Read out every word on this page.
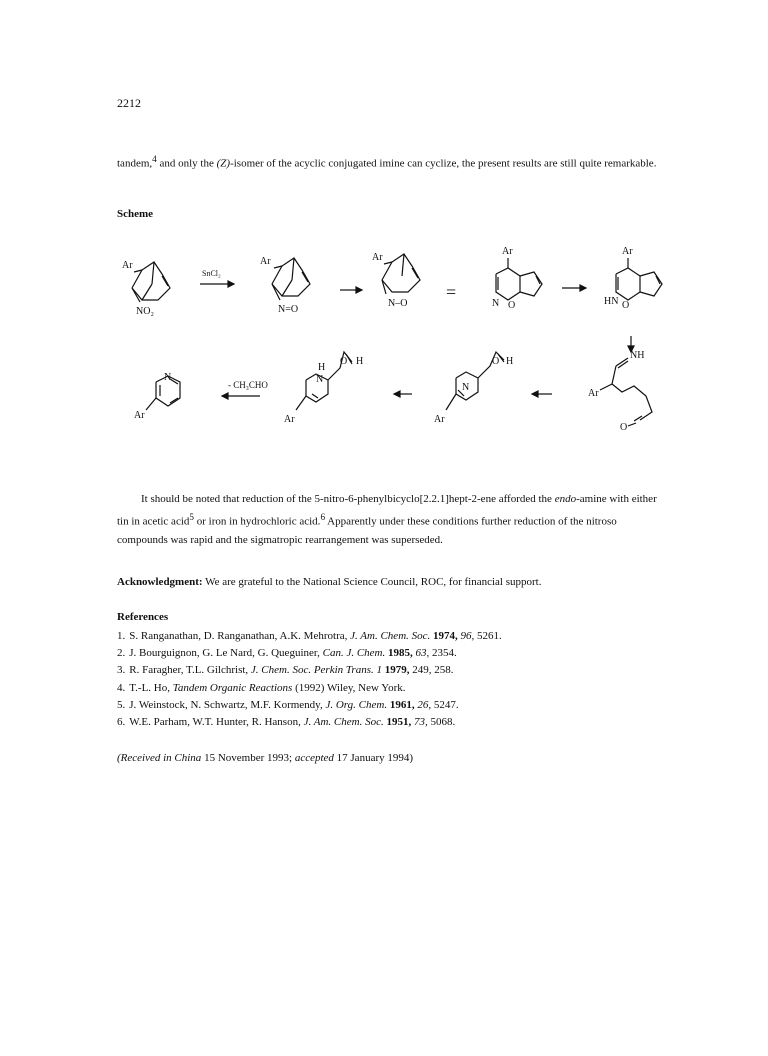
2212

tandem,$^4$ and only the (Z)-isomer of the acyclic conjugated imine can cyclize, the present results are still quite remarkable.

Scheme

Ar
NO₂
SnCl₂
Ar
N=O
Ar
N–O
=
Ar
N O
Ar
HN O
NH
Ar
O
O H
N
Ar
O H
H
N
Ar
- CH₃CHO
N
Ar

It should be noted that reduction of the 5-nitro-6-phenylbicyclo[2.2.1]hept-2-ene afforded the endo-amine with either tin in acetic acid$^5$ or iron in hydrochloric acid.$^6$ Apparently under these conditions further reduction of the nitroso compounds was rapid and the sigmatropic rearrangement was superseded.

Acknowledgment: We are grateful to the National Science Council, ROC, for financial support.

References

1. S. Ranganathan, D. Ranganathan, A.K. Mehrotra, J. Am. Chem. Soc. 1974, 96, 5261.
2. J. Bourguignon, G. Le Nard, G. Queguiner, Can. J. Chem. 1985, 63, 2354.
3. R. Faragher, T.L. Gilchrist, J. Chem. Soc. Perkin Trans. 1 1979, 249, 258.
4. T.-L. Ho, Tandem Organic Reactions (1992) Wiley, New York.
5. J. Weinstock, N. Schwartz, M.F. Kormendy, J. Org. Chem. 1961, 26, 5247.
6. W.E. Parham, W.T. Hunter, R. Hanson, J. Am. Chem. Soc. 1951, 73, 5068.

(Received in China 15 November 1993; accepted 17 January 1994)
